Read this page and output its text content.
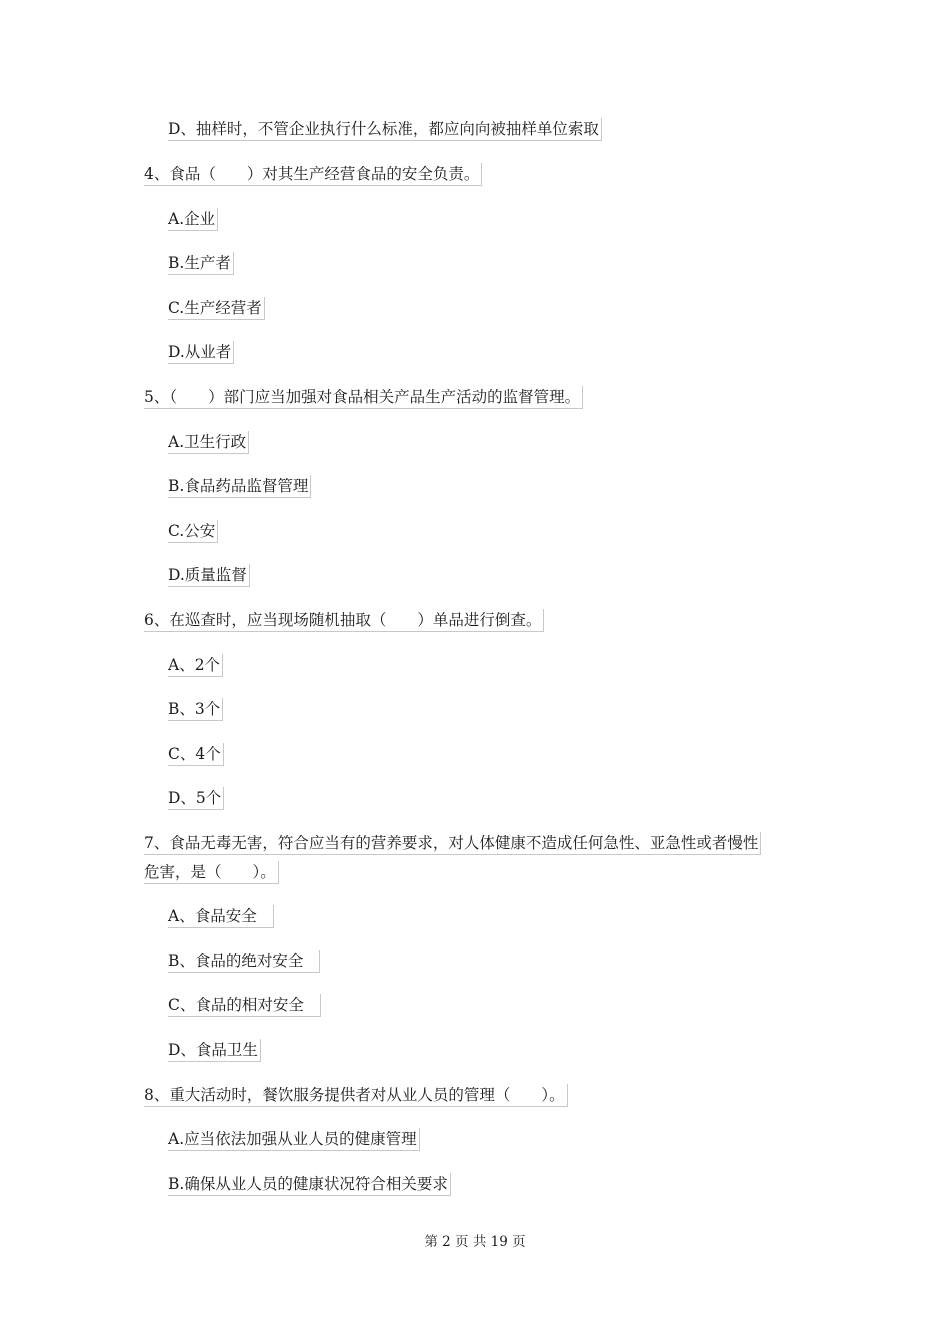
D、抽样时，不管企业执行什么标准，都应向向被抽样单位索取
4、食品（　　）对其生产经营食品的安全负责。
A.企业
B.生产者
C.生产经营者
D.从业者
5、（　　）部门应当加强对食品相关产品生产活动的监督管理。
A.卫生行政
B.食品药品监督管理
C.公安
D.质量监督
6、在巡查时，应当现场随机抽取（　　）单品进行倒查。
A、2个
B、3个
C、4个
D、5个
7、食品无毒无害，符合应当有的营养要求，对人体健康不造成任何急性、亚急性或者慢性
危害，是（　　）。
A、食品安全
B、食品的绝对安全
C、食品的相对安全
D、食品卫生
8、重大活动时，餐饮服务提供者对从业人员的管理（　　）。
A.应当依法加强从业人员的健康管理
B.确保从业人员的健康状况符合相关要求
第 2 页 共 19 页
